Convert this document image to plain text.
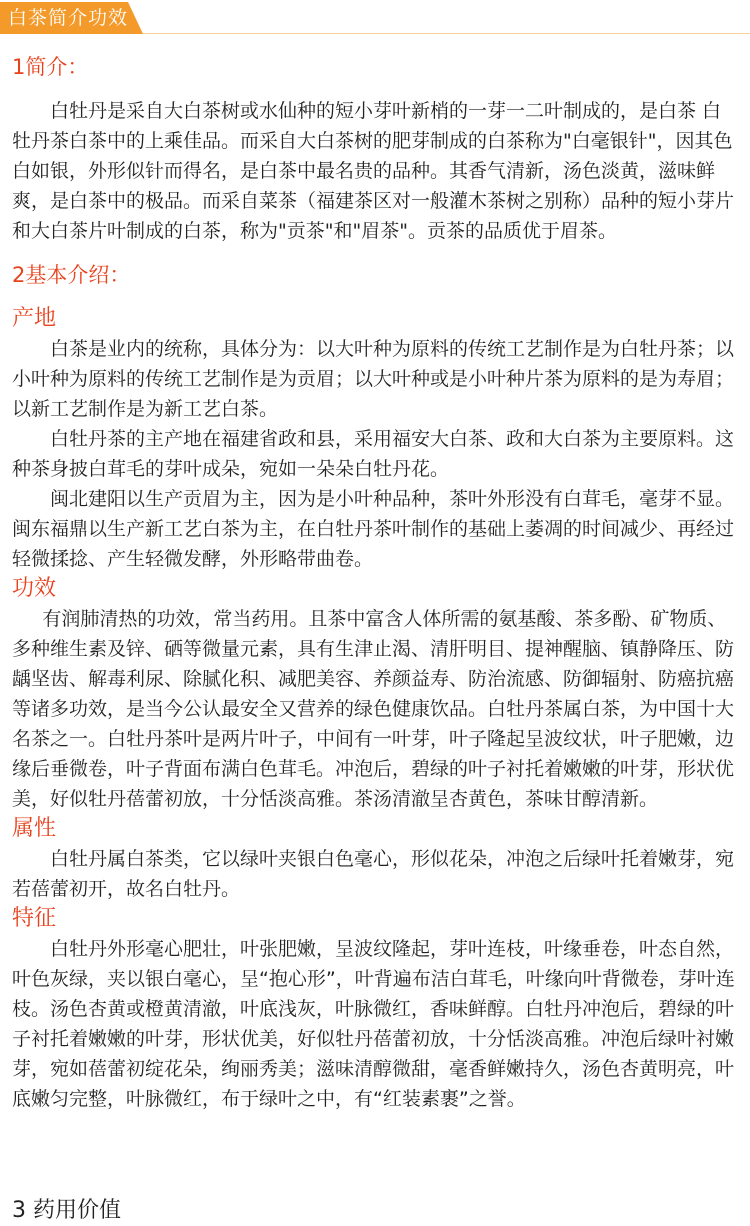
白茶简介功效
1简介：

白牡丹是采自大白茶树或水仙种的短小芽叶新梢的一芽一二叶制成的，是白茶 白牡丹茶白茶中的上乘佳品。而采自大白茶树的肥芽制成的白茶称为"白毫银针"，因其色白如银，外形似针而得名，是白茶中最名贵的品种。其香气清新，汤色淡黄，滋味鲜爽，是白茶中的极品。而采自菜茶（福建茶区对一般灌木茶树之别称）品种的短小芽片和大白茶片叶制成的白茶，称为"贡茶"和"眉茶"。贡茶的品质优于眉茶。

2基本介绍：
产地

白茶是业内的统称，具体分为：以大叶种为原料的传统工艺制作是为白牡丹茶；以小叶种为原料的传统工艺制作是为贡眉；以大叶种或是小叶种片茶为原料的是为寿眉；以新工艺制作是为新工艺白茶。

白牡丹茶的主产地在福建省政和县，采用福安大白茶、政和大白茶为主要原料。这种茶身披白茸毛的芽叶成朵，宛如一朵朵白牡丹花。

闽北建阳以生产贡眉为主，因为是小叶种品种，茶叶外形没有白茸毛，毫芽不显。闽东福鼎以生产新工艺白茶为主，在白牡丹茶叶制作的基础上萎凋的时间减少、再经过轻微揉捻、产生轻微发酵，外形略带曲卷。

功效

有润肺清热的功效，常当药用。且茶中富含人体所需的氨基酸、茶多酚、矿物质、多种维生素及锌、硒等微量元素，具有生津止渴、清肝明目、提神醒脑、镇静降压、防龋坚齿、解毒利尿、除腻化积、减肥美容、养颜益寿、防治流感、防御辐射、防癌抗癌等诸多功效，是当今公认最安全又营养的绿色健康饮品。白牡丹茶属白茶，为中国十大名茶之一。白牡丹茶叶是两片叶子，中间有一叶芽，叶子隆起呈波纹状，叶子肥嫩，边缘后垂微卷，叶子背面布满白色茸毛。冲泡后，碧绿的叶子衬托着嫩嫩的叶芽，形状优美，好似牡丹蓓蕾初放，十分恬淡高雅。茶汤清澈呈杏黄色，茶味甘醇清新。

属性

白牡丹属白茶类，它以绿叶夹银白色毫心，形似花朵，冲泡之后绿叶托着嫩芽，宛若蓓蕾初开，故名白牡丹。

特征

白牡丹外形毫心肥壮，叶张肥嫩，呈波纹隆起，芽叶连枝，叶缘垂卷，叶态自然，叶色灰绿，夹以银白毫心，呈“抱心形”，叶背遍布洁白茸毛，叶缘向叶背微卷，芽叶连枝。汤色杏黄或橙黄清澈，叶底浅灰，叶脉微红，香味鲜醇。白牡丹冲泡后，碧绿的叶子衬托着嫩嫩的叶芽，形状优美，好似牡丹蓓蕾初放，十分恬淡高雅。冲泡后绿叶衬嫩芽，宛如蓓蕾初绽花朵，绚丽秀美；滋味清醇微甜，毫香鲜嫩持久，汤色杏黄明亮，叶底嫩匀完整，叶脉微红，布于绿叶之中，有“红装素裹”之誉。

3 药用价值
